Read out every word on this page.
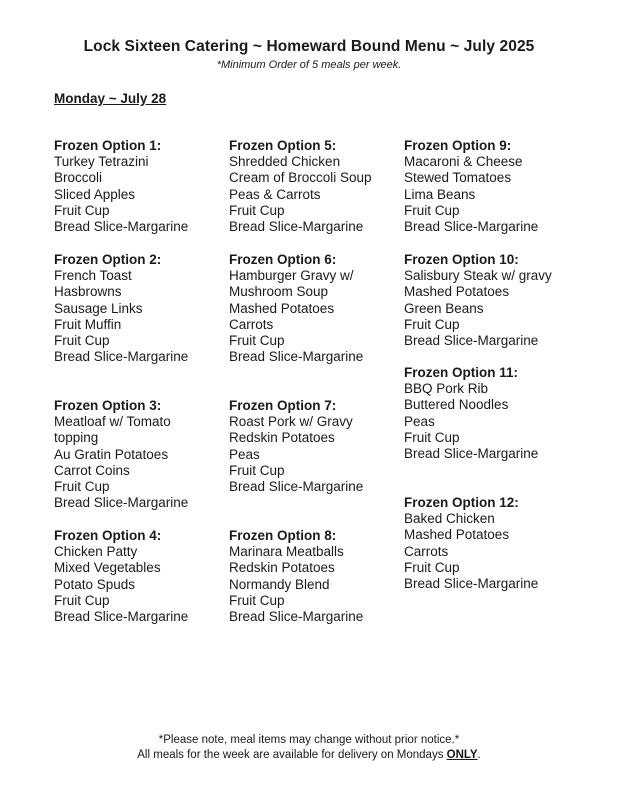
Lock Sixteen Catering ~ Homeward Bound Menu ~ July 2025
*Minimum Order of 5 meals per week.
Monday ~ July 28
Frozen Option 1:
Turkey Tetrazini
Broccoli
Sliced Apples
Fruit Cup
Bread Slice-Margarine
Frozen Option 2:
French Toast
Hasbrowns
Sausage Links
Fruit Muffin
Fruit Cup
Bread Slice-Margarine
Frozen Option 3:
Meatloaf w/ Tomato
topping
Au Gratin Potatoes
Carrot Coins
Fruit Cup
Bread Slice-Margarine
Frozen Option 4:
Chicken Patty
Mixed Vegetables
Potato Spuds
Fruit Cup
Bread Slice-Margarine
Frozen Option 5:
Shredded Chicken
Cream of Broccoli Soup
Peas & Carrots
Fruit Cup
Bread Slice-Margarine
Frozen Option 6:
Hamburger Gravy w/
Mushroom Soup
Mashed Potatoes
Carrots
Fruit Cup
Bread Slice-Margarine
Frozen Option 7:
Roast Pork w/ Gravy
Redskin Potatoes
Peas
Fruit Cup
Bread Slice-Margarine
Frozen Option 8:
Marinara Meatballs
Redskin Potatoes
Normandy Blend
Fruit Cup
Bread Slice-Margarine
Frozen Option 9:
Macaroni & Cheese
Stewed Tomatoes
Lima Beans
Fruit Cup
Bread Slice-Margarine
Frozen Option 10:
Salisbury Steak w/ gravy
Mashed Potatoes
Green Beans
Fruit Cup
Bread Slice-Margarine
Frozen Option 11:
BBQ Pork Rib
Buttered Noodles
Peas
Fruit Cup
Bread Slice-Margarine
Frozen Option 12:
Baked Chicken
Mashed Potatoes
Carrots
Fruit Cup
Bread Slice-Margarine
*Please note, meal items may change without prior notice.*
All meals for the week are available for delivery on Mondays ONLY.
